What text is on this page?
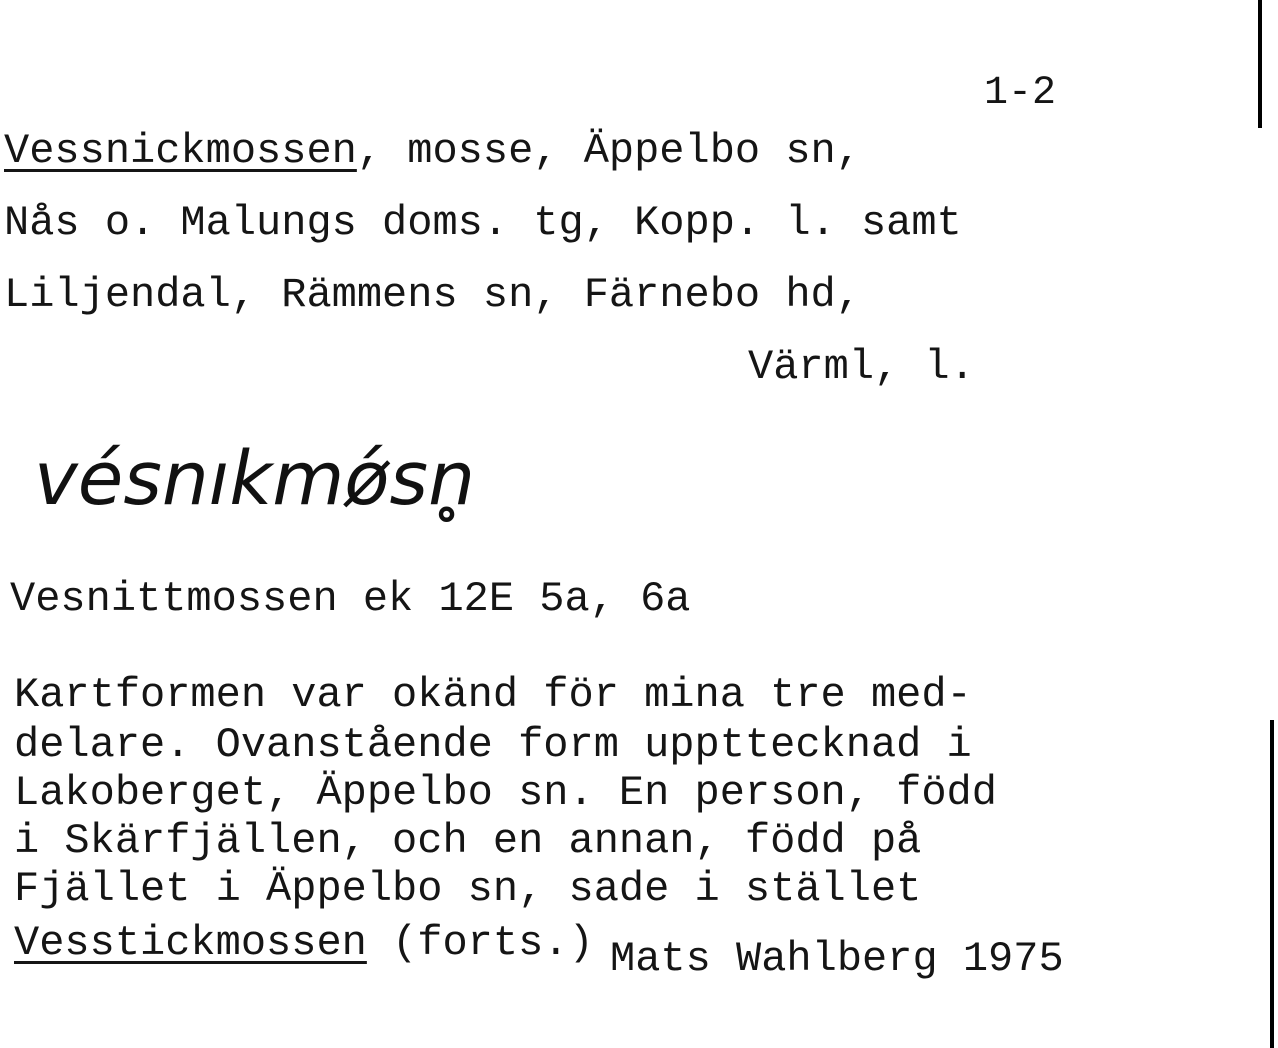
1-2
Vessnickmossen, mosse, Äppelbo sn,
Nås o. Malungs doms. tg, Kopp. l. samt
Liljendal, Rämmens sn, Färnebo hd,
Värml, l.
vésnıkmǿsn̥
Vesnittmossen ek 12E 5a, 6a
Kartformen var okänd för mina tre med-
delare. Ovanstående form uppttecknad i
Lakoberget, Äppelbo sn. En person, född
i Skärfjällen, och en annan, född på
Fjället i Äppelbo sn, sade i stället
Vesstickmossen (forts.) Mats Wahlberg 1975
